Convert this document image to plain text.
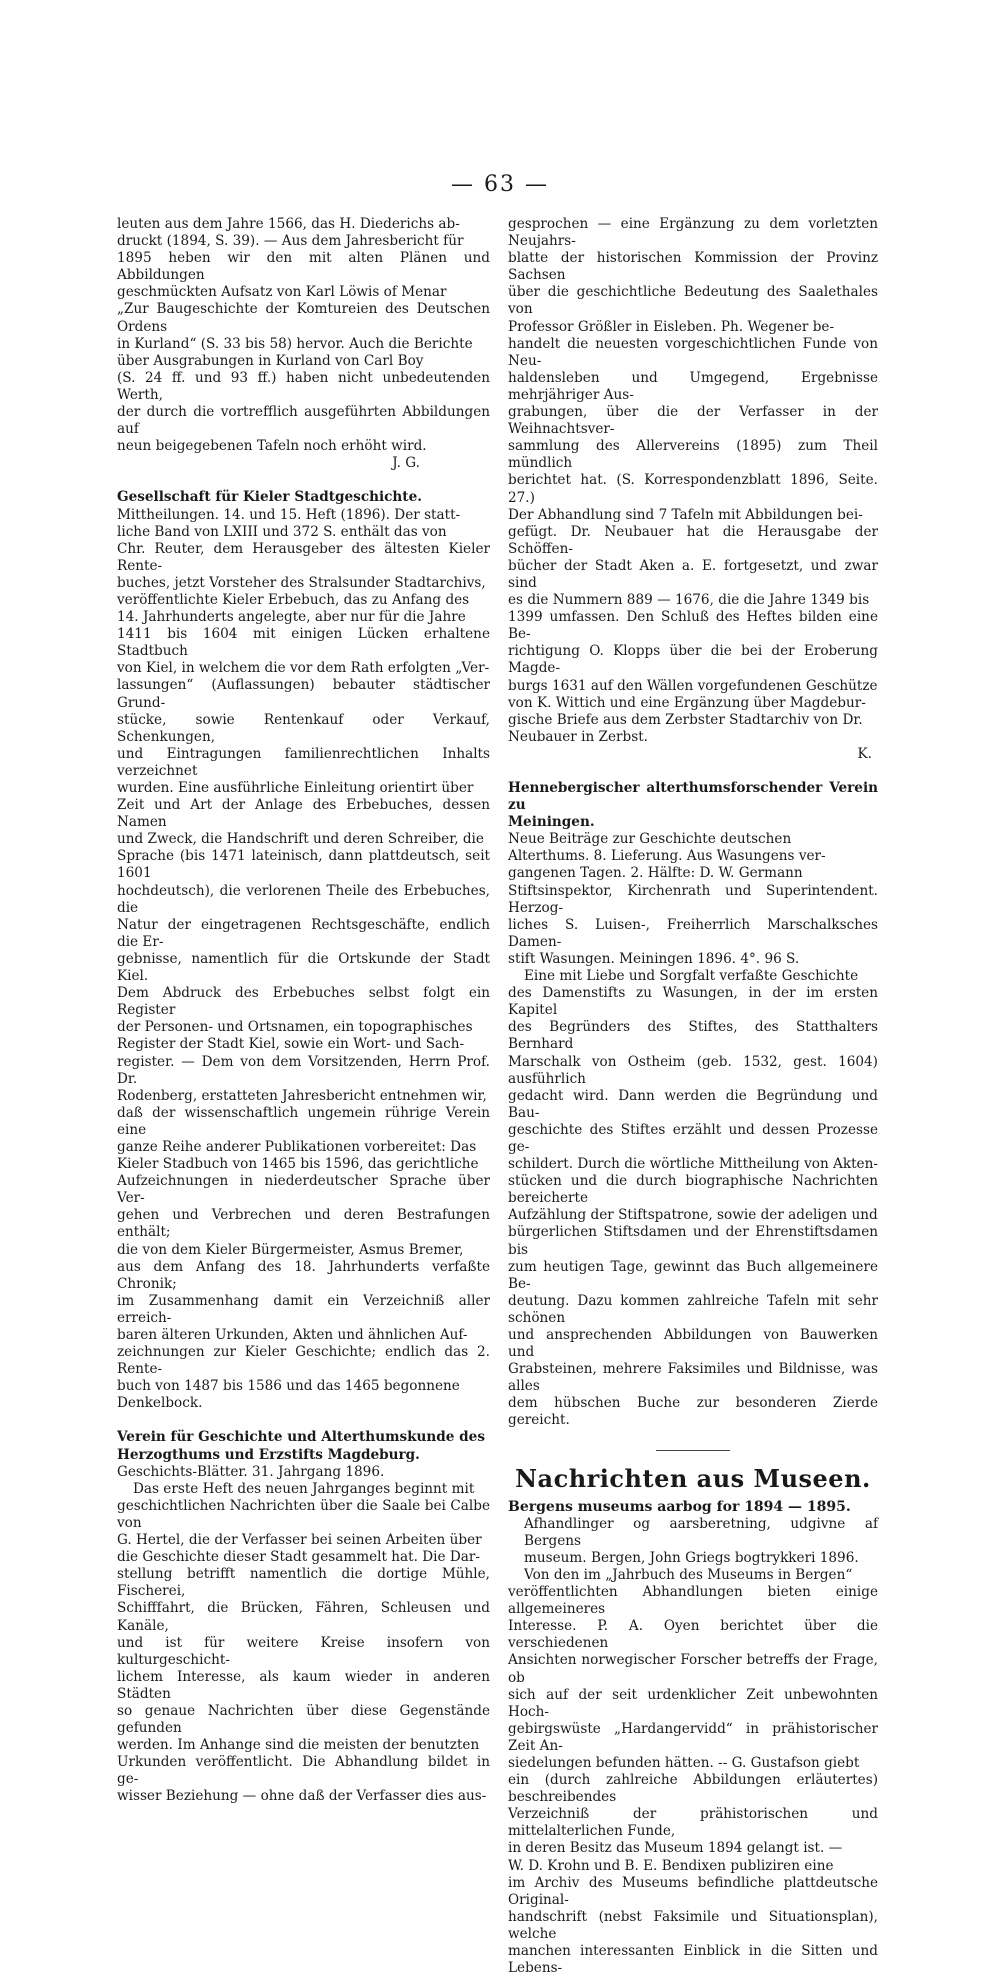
— 63 —

leuten aus dem Jahre 1566, das H. Diederichs ab-

druckt (1894, S. 39). — Aus dem Jahresbericht für

1895 heben wir den mit alten Plänen und Abbildungen

geschmückten Aufsatz von Karl Löwis of Menar

„Zur Baugeschichte der Komtureien des Deutschen Ordens

in Kurland“ (S. 33 bis 58) hervor. Auch die Berichte

über Ausgrabungen in Kurland von Carl Boy

(S. 24 ff. und 93 ff.) haben nicht unbedeutenden Werth,

der durch die vortrefflich ausgeführten Abbildungen auf

neun beigegebenen Tafeln noch erhöht wird.

J. G.

Gesellschaft für Kieler Stadtgeschichte.

Mittheilungen. 14. und 15. Heft (1896). Der statt-

liche Band von LXIII und 372 S. enthält das von

Chr. Reuter, dem Herausgeber des ältesten Kieler Rente-

buches, jetzt Vorsteher des Stralsunder Stadtarchivs,

veröffentlichte Kieler Erbebuch, das zu Anfang des

14. Jahrhunderts angelegte, aber nur für die Jahre

1411 bis 1604 mit einigen Lücken erhaltene Stadtbuch

von Kiel, in welchem die vor dem Rath erfolgten „Ver-

lassungen“ (Auflassungen) bebauter städtischer Grund-

stücke, sowie Rentenkauf oder Verkauf, Schenkungen,

und Eintragungen familienrechtlichen Inhalts verzeichnet

wurden. Eine ausführliche Einleitung orientirt über

Zeit und Art der Anlage des Erbebuches, dessen Namen

und Zweck, die Handschrift und deren Schreiber, die

Sprache (bis 1471 lateinisch, dann plattdeutsch, seit 1601

hochdeutsch), die verlorenen Theile des Erbebuches, die

Natur der eingetragenen Rechtsgeschäfte, endlich die Er-

gebnisse, namentlich für die Ortskunde der Stadt Kiel.

Dem Abdruck des Erbebuches selbst folgt ein Register

der Personen- und Ortsnamen, ein topographisches

Register der Stadt Kiel, sowie ein Wort- und Sach-

register. — Dem von dem Vorsitzenden, Herrn Prof. Dr.

Rodenberg, erstatteten Jahresbericht entnehmen wir,

daß der wissenschaftlich ungemein rührige Verein eine

ganze Reihe anderer Publikationen vorbereitet: Das

Kieler Stadbuch von 1465 bis 1596, das gerichtliche

Aufzeichnungen in niederdeutscher Sprache über Ver-

gehen und Verbrechen und deren Bestrafungen enthält;

die von dem Kieler Bürgermeister, Asmus Bremer,

aus dem Anfang des 18. Jahrhunderts verfaßte Chronik;

im Zusammenhang damit ein Verzeichniß aller erreich-

baren älteren Urkunden, Akten und ähnlichen Auf-

zeichnungen zur Kieler Geschichte; endlich das 2. Rente-

buch von 1487 bis 1586 und das 1465 begonnene

Denkelbock.

Verein für Geschichte und Alterthumskunde des

Herzogthums und Erzstifts Magdeburg.

Geschichts-Blätter. 31. Jahrgang 1896.

Das erste Heft des neuen Jahrganges beginnt mit

geschichtlichen Nachrichten über die Saale bei Calbe von

G. Hertel, die der Verfasser bei seinen Arbeiten über

die Geschichte dieser Stadt gesammelt hat. Die Dar-

stellung betrifft namentlich die dortige Mühle, Fischerei,

Schifffahrt, die Brücken, Fähren, Schleusen und Kanäle,

und ist für weitere Kreise insofern von kulturgeschicht-

lichem Interesse, als kaum wieder in anderen Städten

so genaue Nachrichten über diese Gegenstände gefunden

werden. Im Anhange sind die meisten der benutzten

Urkunden veröffentlicht. Die Abhandlung bildet in ge-

wisser Beziehung — ohne daß der Verfasser dies aus-

gesprochen — eine Ergänzung zu dem vorletzten Neujahrs-

blatte der historischen Kommission der Provinz Sachsen

über die geschichtliche Bedeutung des Saalethales von

Professor Größler in Eisleben. Ph. Wegener be-

handelt die neuesten vorgeschichtlichen Funde von Neu-

haldensleben und Umgegend, Ergebnisse mehrjähriger Aus-

grabungen, über die der Verfasser in der Weihnachtsver-

sammlung des Allervereins (1895) zum Theil mündlich

berichtet hat. (S. Korrespondenzblatt 1896, Seite. 27.)

Der Abhandlung sind 7 Tafeln mit Abbildungen bei-

gefügt. Dr. Neubauer hat die Herausgabe der Schöffen-

bücher der Stadt Aken a. E. fortgesetzt, und zwar sind

es die Nummern 889 — 1676, die die Jahre 1349 bis

1399 umfassen. Den Schluß des Heftes bilden eine Be-

richtigung O. Klopps über die bei der Eroberung Magde-

burgs 1631 auf den Wällen vorgefundenen Geschütze

von K. Wittich und eine Ergänzung über Magdebur-

gische Briefe aus dem Zerbster Stadtarchiv von Dr.

Neubauer in Zerbst.

K.

Hennebergischer alterthumsforschender Verein zu

Meiningen.

Neue Beiträge zur Geschichte deutschen

Alterthums. 8. Lieferung. Aus Wasungens ver-

gangenen Tagen. 2. Hälfte: D. W. Germann

Stiftsinspektor, Kirchenrath und Superintendent. Herzog-

liches S. Luisen-, Freiherrlich Marschalksches Damen-

stift Wasungen. Meiningen 1896. 4°. 96 S.

Eine mit Liebe und Sorgfalt verfaßte Geschichte

des Damenstifts zu Wasungen, in der im ersten Kapitel

des Begründers des Stiftes, des Statthalters Bernhard

Marschalk von Ostheim (geb. 1532, gest. 1604) ausführlich

gedacht wird. Dann werden die Begründung und Bau-

geschichte des Stiftes erzählt und dessen Prozesse ge-

schildert. Durch die wörtliche Mittheilung von Akten-

stücken und die durch biographische Nachrichten bereicherte

Aufzählung der Stiftspatrone, sowie der adeligen und

bürgerlichen Stiftsdamen und der Ehrenstiftsdamen bis

zum heutigen Tage, gewinnt das Buch allgemeinere Be-

deutung. Dazu kommen zahlreiche Tafeln mit sehr schönen

und ansprechenden Abbildungen von Bauwerken und

Grabsteinen, mehrere Faksimiles und Bildnisse, was alles

dem hübschen Buche zur besonderen Zierde gereicht.

Nachrichten aus Museen.

Bergens museums aarbog for 1894 — 1895.

Afhandlinger og aarsberetning, udgivne af Bergens

museum. Bergen, John Griegs bogtrykkeri 1896.

Von den im „Jahrbuch des Museums in Bergen“

veröffentlichten Abhandlungen bieten einige allgemeineres

Interesse. P. A. Oyen berichtet über die verschiedenen

Ansichten norwegischer Forscher betreffs der Frage, ob

sich auf der seit urdenklicher Zeit unbewohnten Hoch-

gebirgswüste „Hardangervidd“ in prähistorischer Zeit An-

siedelungen befunden hätten. -- G. Gustafson giebt

ein (durch zahlreiche Abbildungen erläutertes) beschreibendes

Verzeichniß der prähistorischen und mittelalterlichen Funde,

in deren Besitz das Museum 1894 gelangt ist. —

W. D. Krohn und B. E. Bendixen publiziren eine

im Archiv des Museums befindliche plattdeutsche Original-

handschrift (nebst Faksimile und Situationsplan), welche

manchen interessanten Einblick in die Sitten und Lebens-
